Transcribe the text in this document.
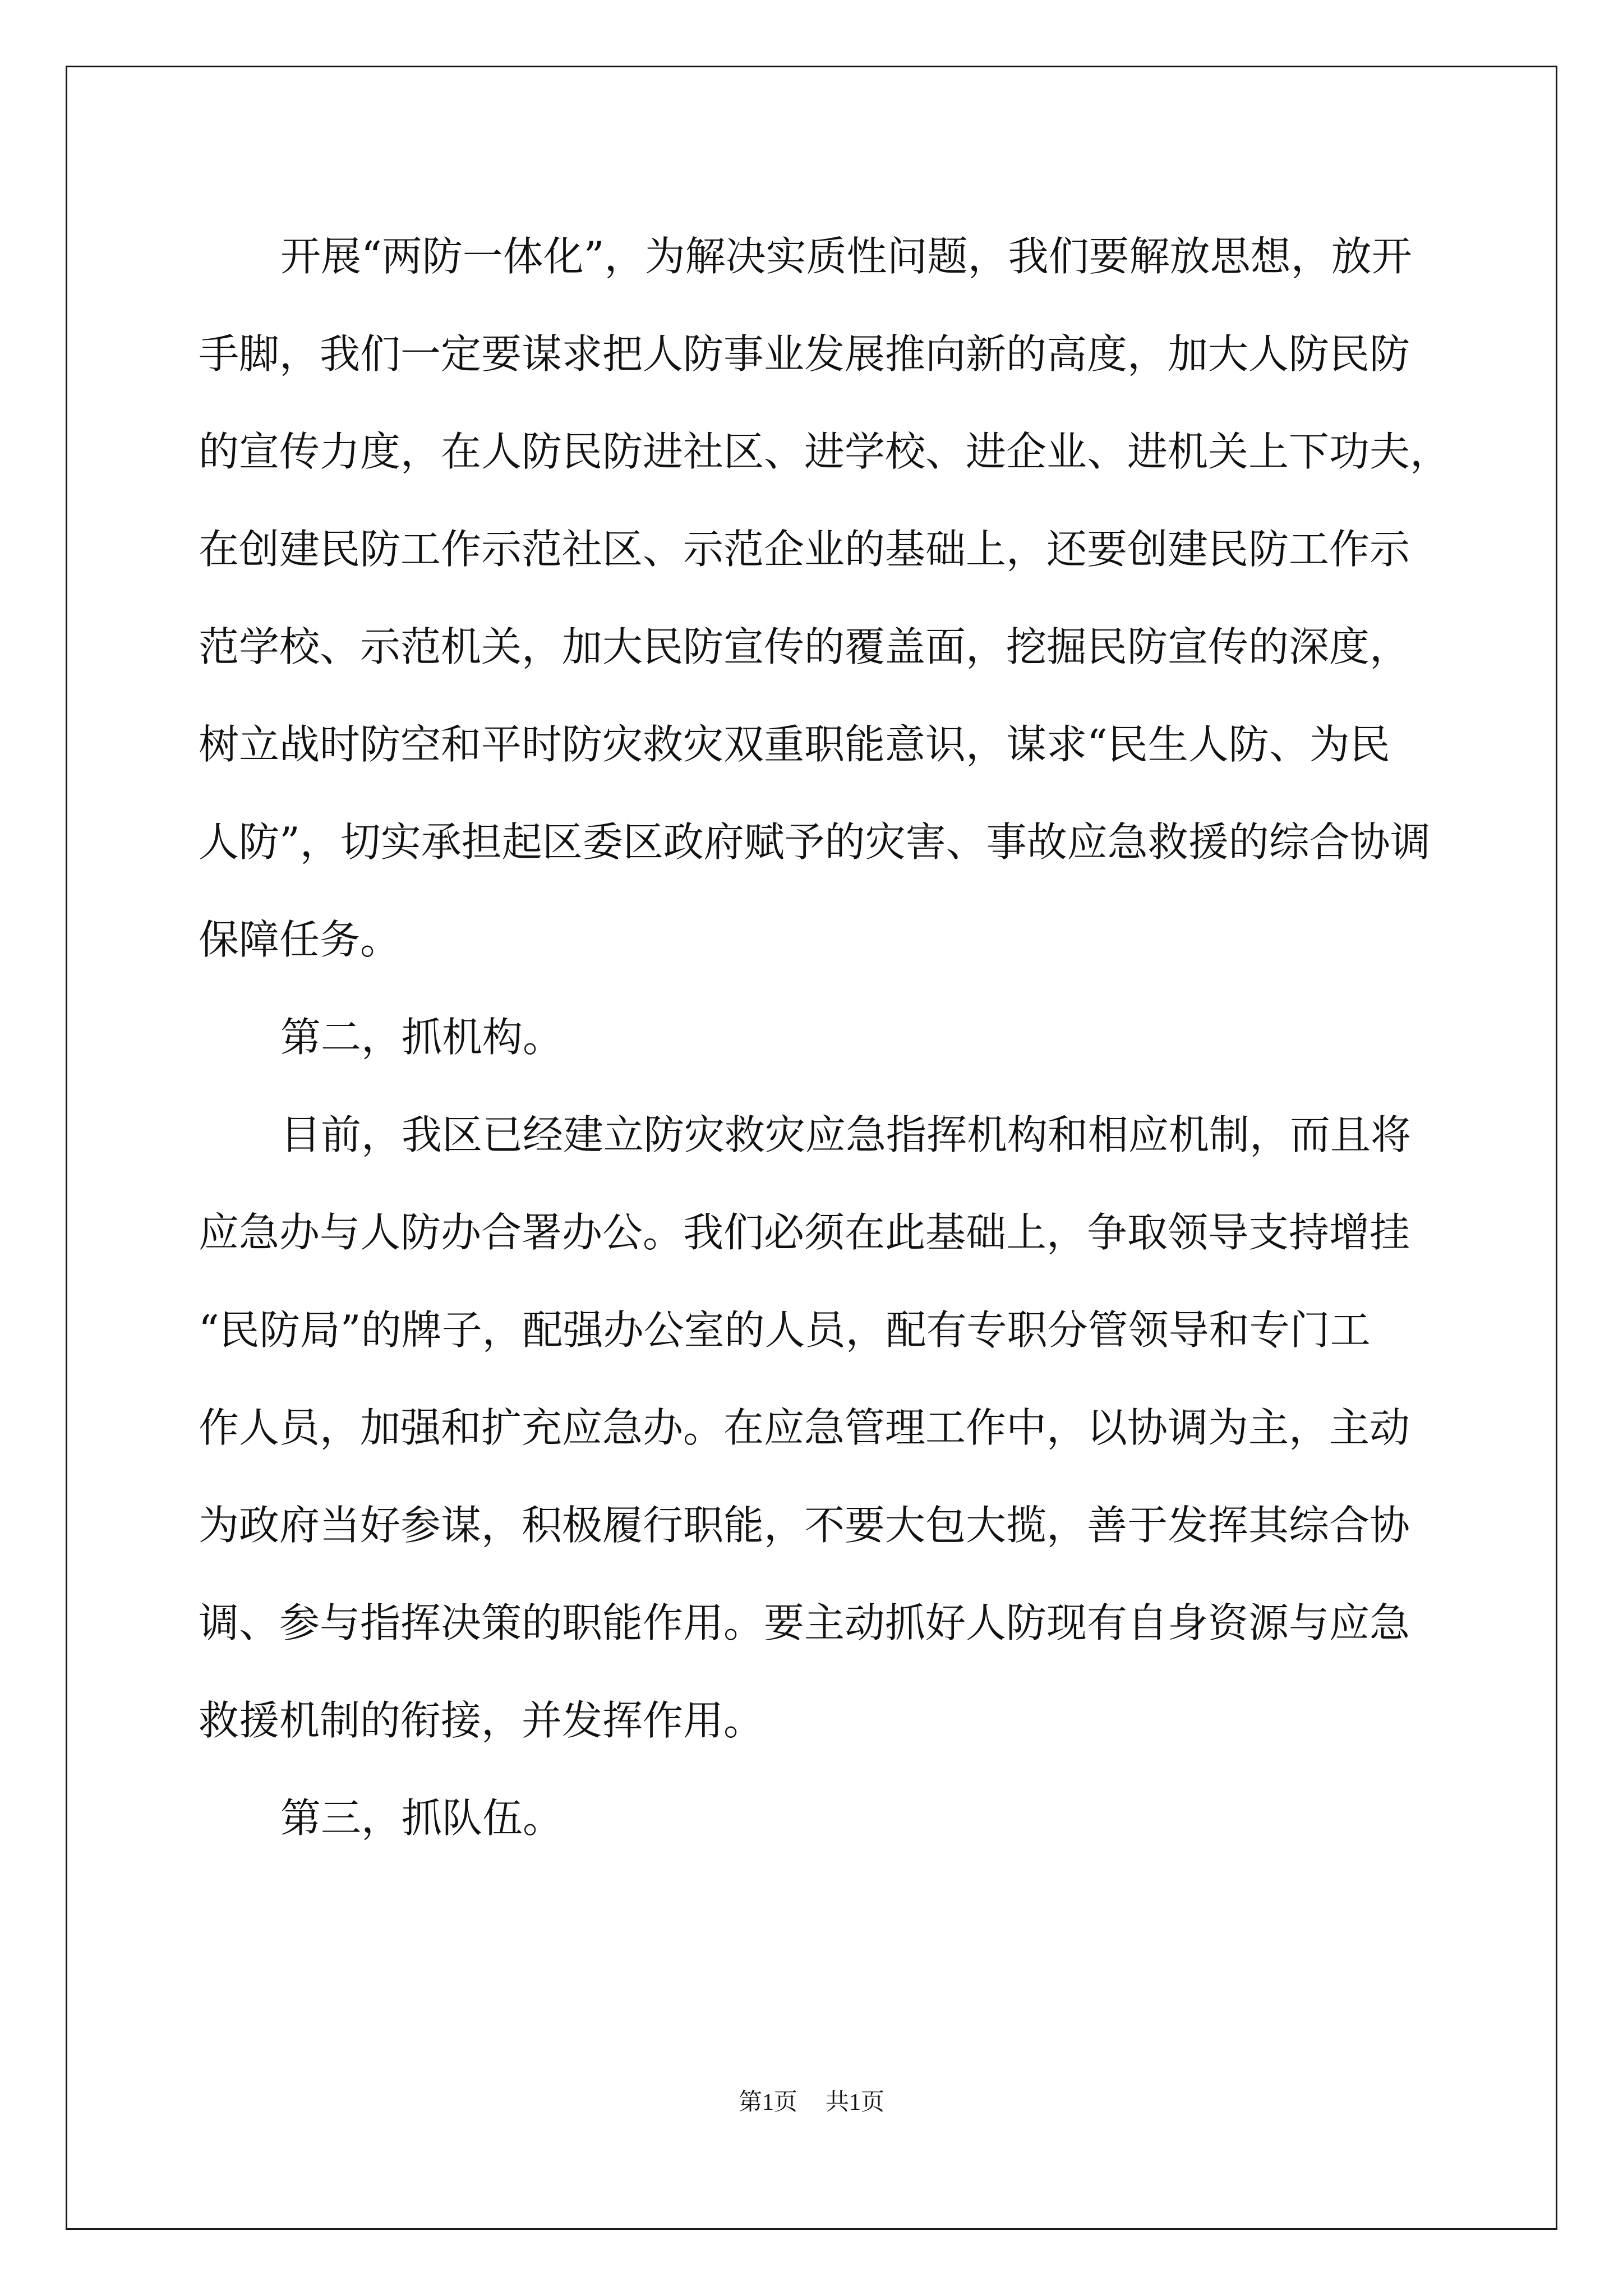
开展“两防一体化”，为解决实质性问题，我们要解放思想，放开
手脚，我们一定要谋求把人防事业发展推向新的高度，加大人防民防
的宣传力度，在人防民防进社区、进学校、进企业、进机关上下功夫，
在创建民防工作示范社区、示范企业的基础上，还要创建民防工作示
范学校、示范机关，加大民防宣传的覆盖面，挖掘民防宣传的深度，
树立战时防空和平时防灾救灾双重职能意识，谋求“民生人防、为民
人防”，切实承担起区委区政府赋予的灾害、事故应急救援的综合协调
保障任务。
第二，抓机构。
目前，我区已经建立防灾救灾应急指挥机构和相应机制，而且将
应急办与人防办合署办公。我们必须在此基础上，争取领导支持增挂
“民防局”的牌子，配强办公室的人员，配有专职分管领导和专门工
作人员，加强和扩充应急办。在应急管理工作中，以协调为主，主动
为政府当好参谋，积极履行职能，不要大包大揽，善于发挥其综合协
调、参与指挥决策的职能作用。要主动抓好人防现有自身资源与应急
救援机制的衔接，并发挥作用。
第三，抓队伍。
第1页 共1页
